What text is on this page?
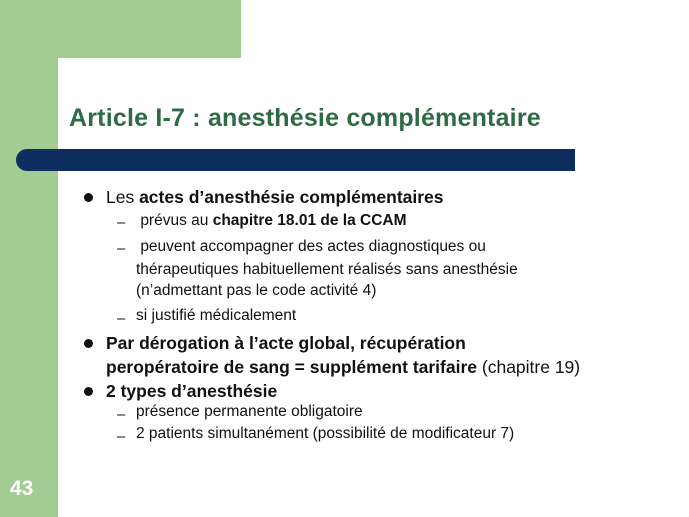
43
Article I-7 : anesthésie complémentaire

Les actes d’anesthésie complémentaires

– prévus au chapitre 18.01 de la CCAM

– peuvent accompagner des actes diagnostiques ou

thérapeutiques habituellement réalisés sans anesthésie

(n’admettant pas le code activité 4)

– si justifié médicalement

Par dérogation à l’acte global, récupération

peropératoire de sang = supplément tarifaire (chapitre 19)

2 types d’anesthésie

– présence permanente obligatoire

– 2 patients simultanément (possibilité de modificateur 7)
